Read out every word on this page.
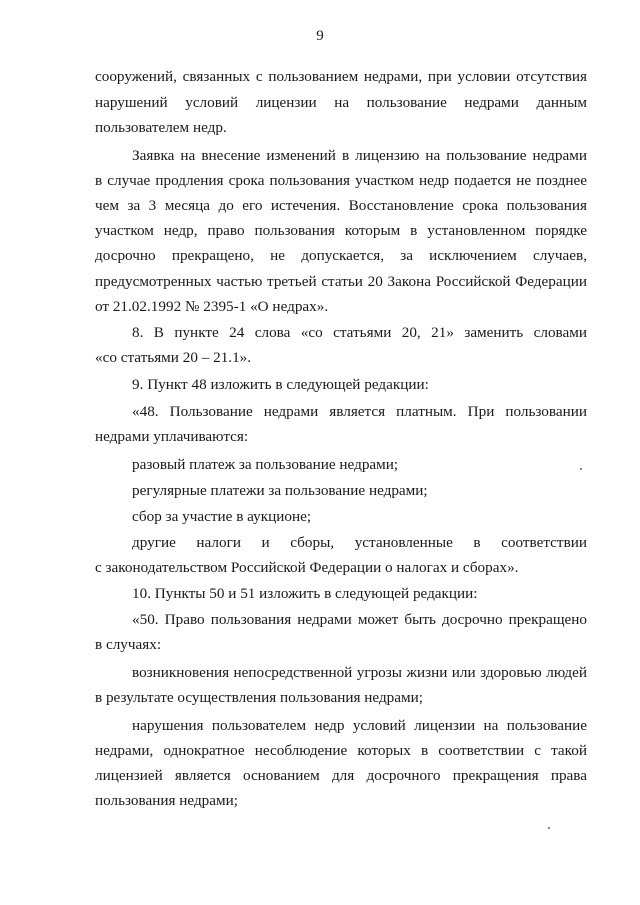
9
сооружений, связанных с пользованием недрами, при условии отсутствия
нарушений условий лицензии на пользование недрами данным
пользователем недр.
Заявка на внесение изменений в лицензию на пользование недрами
в случае продления срока пользования участком недр подается не позднее
чем за 3 месяца до его истечения. Восстановление срока пользования
участком недр, право пользования которым в установленном порядке
досрочно прекращено, не допускается, за исключением случаев,
предусмотренных частью третьей статьи 20 Закона Российской Федерации
от 21.02.1992 № 2395-1 «О недрах».
8. В пункте 24 слова «со статьями 20, 21» заменить словами
«со статьями 20 – 21.1».
9. Пункт 48 изложить в следующей редакции:
«48. Пользование недрами является платным. При пользовании
недрами уплачиваются:
разовый платеж за пользование недрами;
регулярные платежи за пользование недрами;
сбор за участие в аукционе;
другие налоги и сборы, установленные в соответствии
с законодательством Российской Федерации о налогах и сборах».
10. Пункты 50 и 51 изложить в следующей редакции:
«50. Право пользования недрами может быть досрочно прекращено
в случаях:
возникновения непосредственной угрозы жизни или здоровью людей
в результате осуществления пользования недрами;
нарушения пользователем недр условий лицензии на пользование
недрами, однократное несоблюдение которых в соответствии с такой
лицензией является основанием для досрочного прекращения права
пользования недрами;
